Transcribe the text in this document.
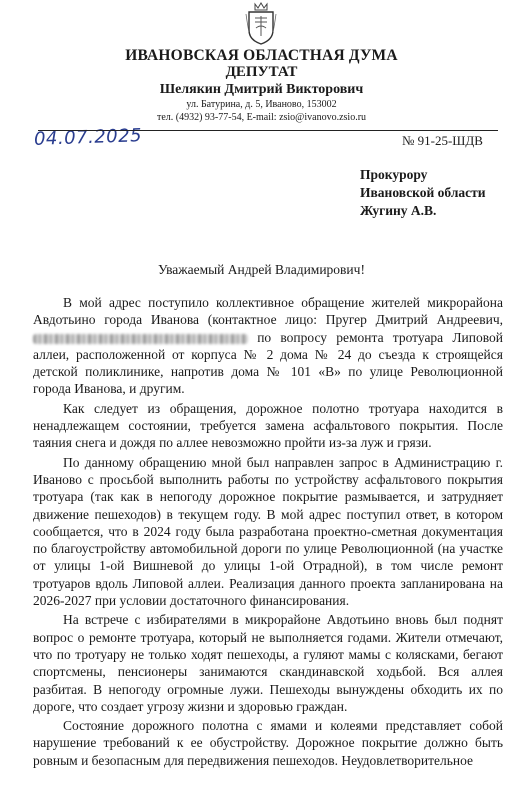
ИВАНОВСКАЯ ОБЛАСТНАЯ ДУМА
ДЕПУТАТ
Шелякин Дмитрий Викторович
ул. Батурина, д. 5, Иваново, 153002
тел. (4932) 93-77-54, E-mail: zsio@ivanovo.zsio.ru
04.07.2025	№ 91-25-ШДВ
Прокурору
Ивановской области
Жугину А.В.
Уважаемый Андрей Владимирович!

В мой адрес поступило коллективное обращение жителей микрорайона Авдотьино города Иванова (контактное лицо: Пругер Дмитрий Андреевич,  по вопросу ремонта тротуара Липовой аллеи, расположенной от корпуса № 2 дома № 24 до съезда к строящейся детской поликлинике, напротив дома № 101 «В» по улице Революционной города Иванова, и другим.

Как следует из обращения, дорожное полотно тротуара находится в ненадлежащем состоянии, требуется замена асфальтового покрытия. После таяния снега и дождя по аллее невозможно пройти из-за луж и грязи.

По данному обращению мной был направлен запрос в Администрацию г. Иваново с просьбой выполнить работы по устройству асфальтового покрытия тротуара (так как в непогоду дорожное покрытие размывается, и затрудняет движение пешеходов) в текущем году. В мой адрес поступил ответ, в котором сообщается, что в 2024 году была разработана проектно-сметная документация по благоустройству автомобильной дороги по улице Революционной (на участке от улицы 1-ой Вишневой до улицы 1-ой Отрадной), в том числе ремонт тротуаров вдоль Липовой аллеи. Реализация данного проекта запланирована на 2026-2027 при условии достаточного финансирования.

На встрече с избирателями в микрорайоне Авдотьино вновь был поднят вопрос о ремонте тротуара, который не выполняется годами. Жители отмечают, что по тротуару не только ходят пешеходы, а гуляют мамы с колясками, бегают спортсмены, пенсионеры занимаются скандинавской ходьбой. Вся аллея разбитая. В непогоду огромные лужи. Пешеходы вынуждены обходить их по дороге, что создает угрозу жизни и здоровью граждан.

Состояние дорожного полотна с ямами и колеями представляет собой нарушение требований к ее обустройству. Дорожное покрытие должно быть ровным и безопасным для передвижения пешеходов. Неудовлетворительное
